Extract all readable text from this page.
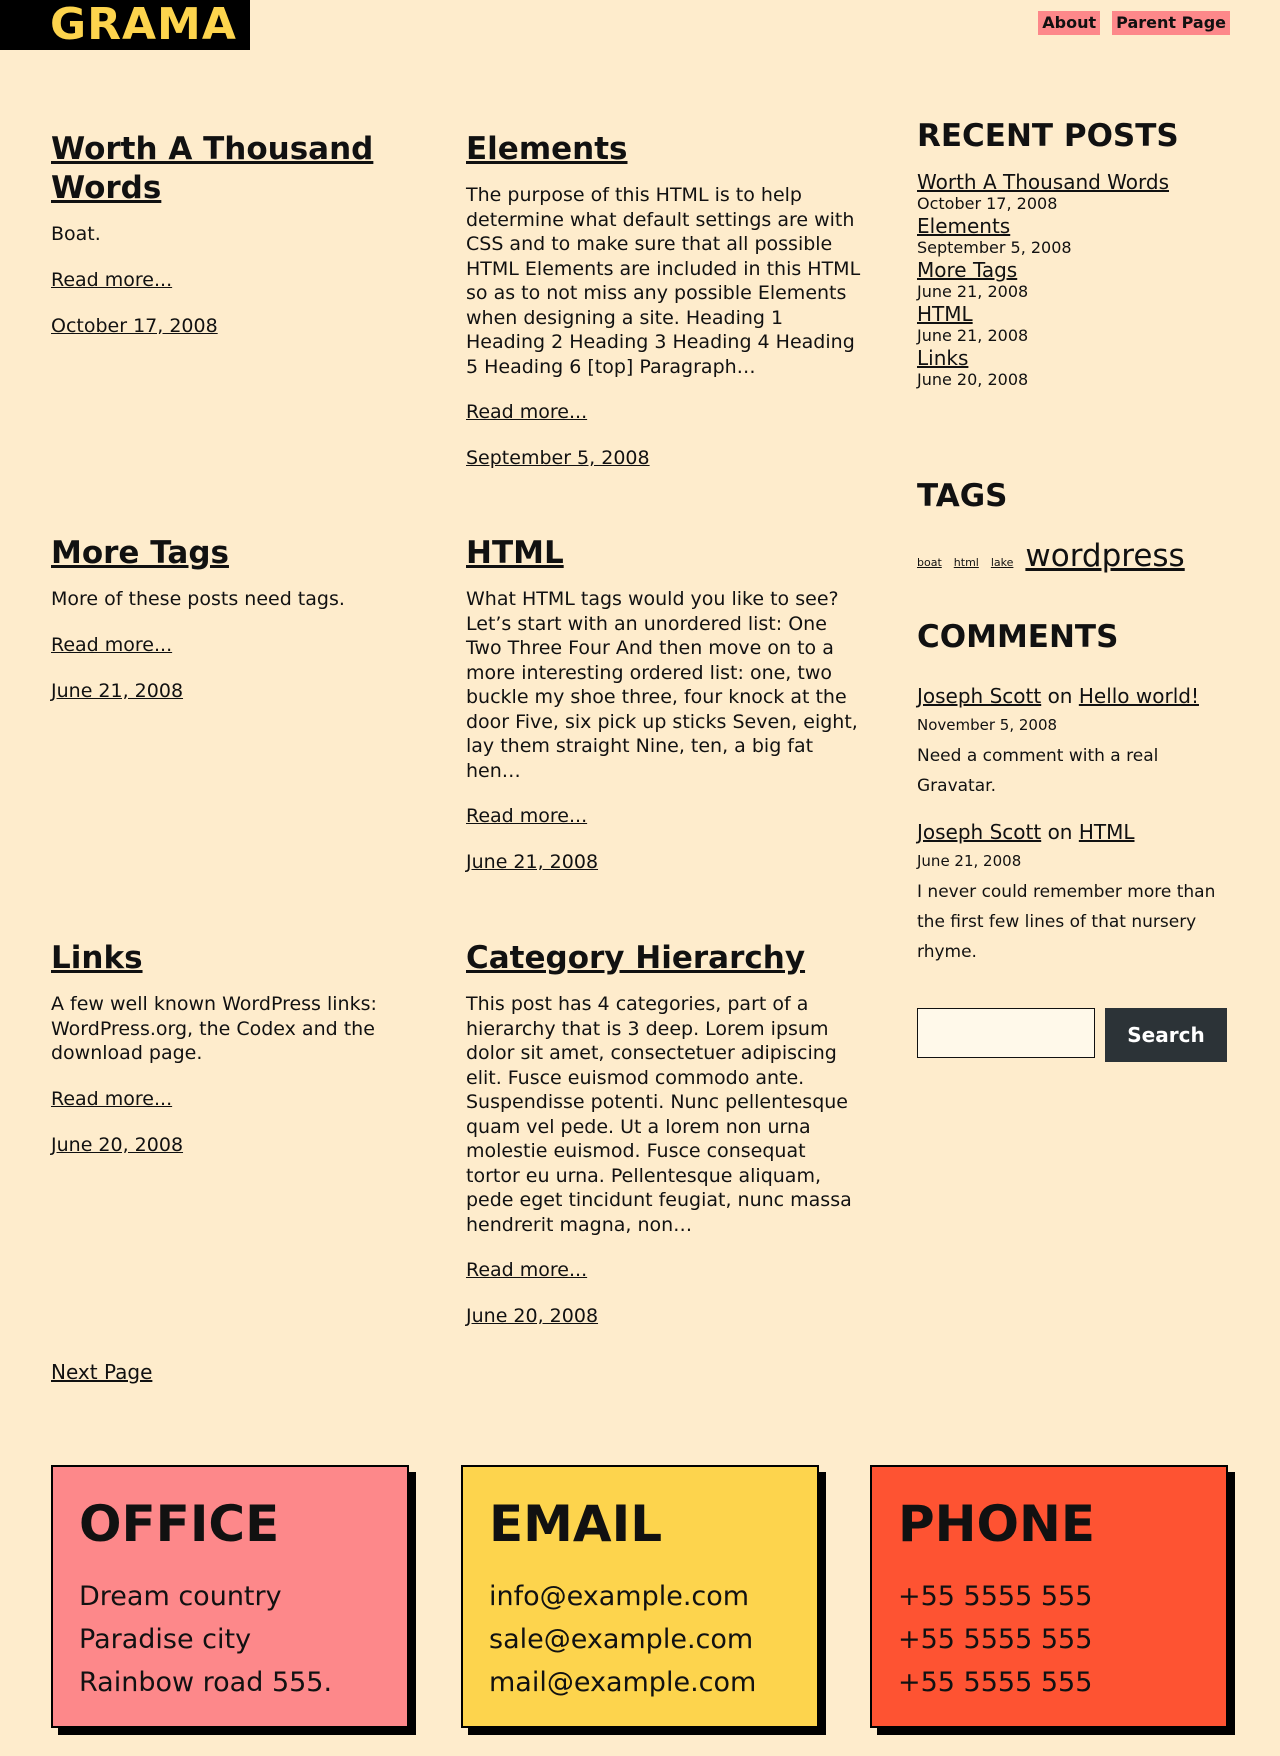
GRAMA	About Parent Page
Worth A Thousand Words

Boat.

Read more...
October 17, 2008
Elements

The purpose of this HTML is to help determine what default settings are with CSS and to make sure that all possible HTML Elements are included in this HTML so as to not miss any possible Elements when designing a site. Heading 1 Heading 2 Heading 3 Heading 4 Heading 5 Heading 6 [top] Paragraph…

Read more...
September 5, 2008
More Tags

More of these posts need tags.

Read more...
June 21, 2008
HTML

What HTML tags would you like to see? Let’s start with an unordered list: One Two Three Four And then move on to a more interesting ordered list: one, two buckle my shoe three, four knock at the door Five, six pick up sticks Seven, eight, lay them straight Nine, ten, a big fat hen…

Read more...
June 21, 2008
Links

A few well known WordPress links: WordPress.org, the Codex and the download page.

Read more...
June 20, 2008
Category Hierarchy

This post has 4 categories, part of a hierarchy that is 3 deep. Lorem ipsum dolor sit amet, consectetuer adipiscing elit. Fusce euismod commodo ante. Suspendisse potenti. Nunc pellentesque quam vel pede. Ut a lorem non urna molestie euismod. Fusce consequat tortor eu urna. Pellentesque aliquam, pede eget tincidunt feugiat, nunc massa hendrerit magna, non…

Read more...
June 20, 2008
Next Page
RECENT POSTS
Worth A Thousand Words
October 17, 2008
Elements
September 5, 2008
More Tags
June 21, 2008
HTML
June 21, 2008
Links
June 20, 2008
TAGS
boat html lake wordpress
COMMENTS
Joseph Scott on Hello world!
November 5, 2008
Need a comment with a real Gravatar.
Joseph Scott on HTML
June 21, 2008
I never could remember more than the first few lines of that nursery rhyme.
Search
OFFICE
Dream country
Paradise city
Rainbow road 555.
EMAIL
info@example.com
sale@example.com
mail@example.com
PHONE
+55 5555 555
+55 5555 555
+55 5555 555
